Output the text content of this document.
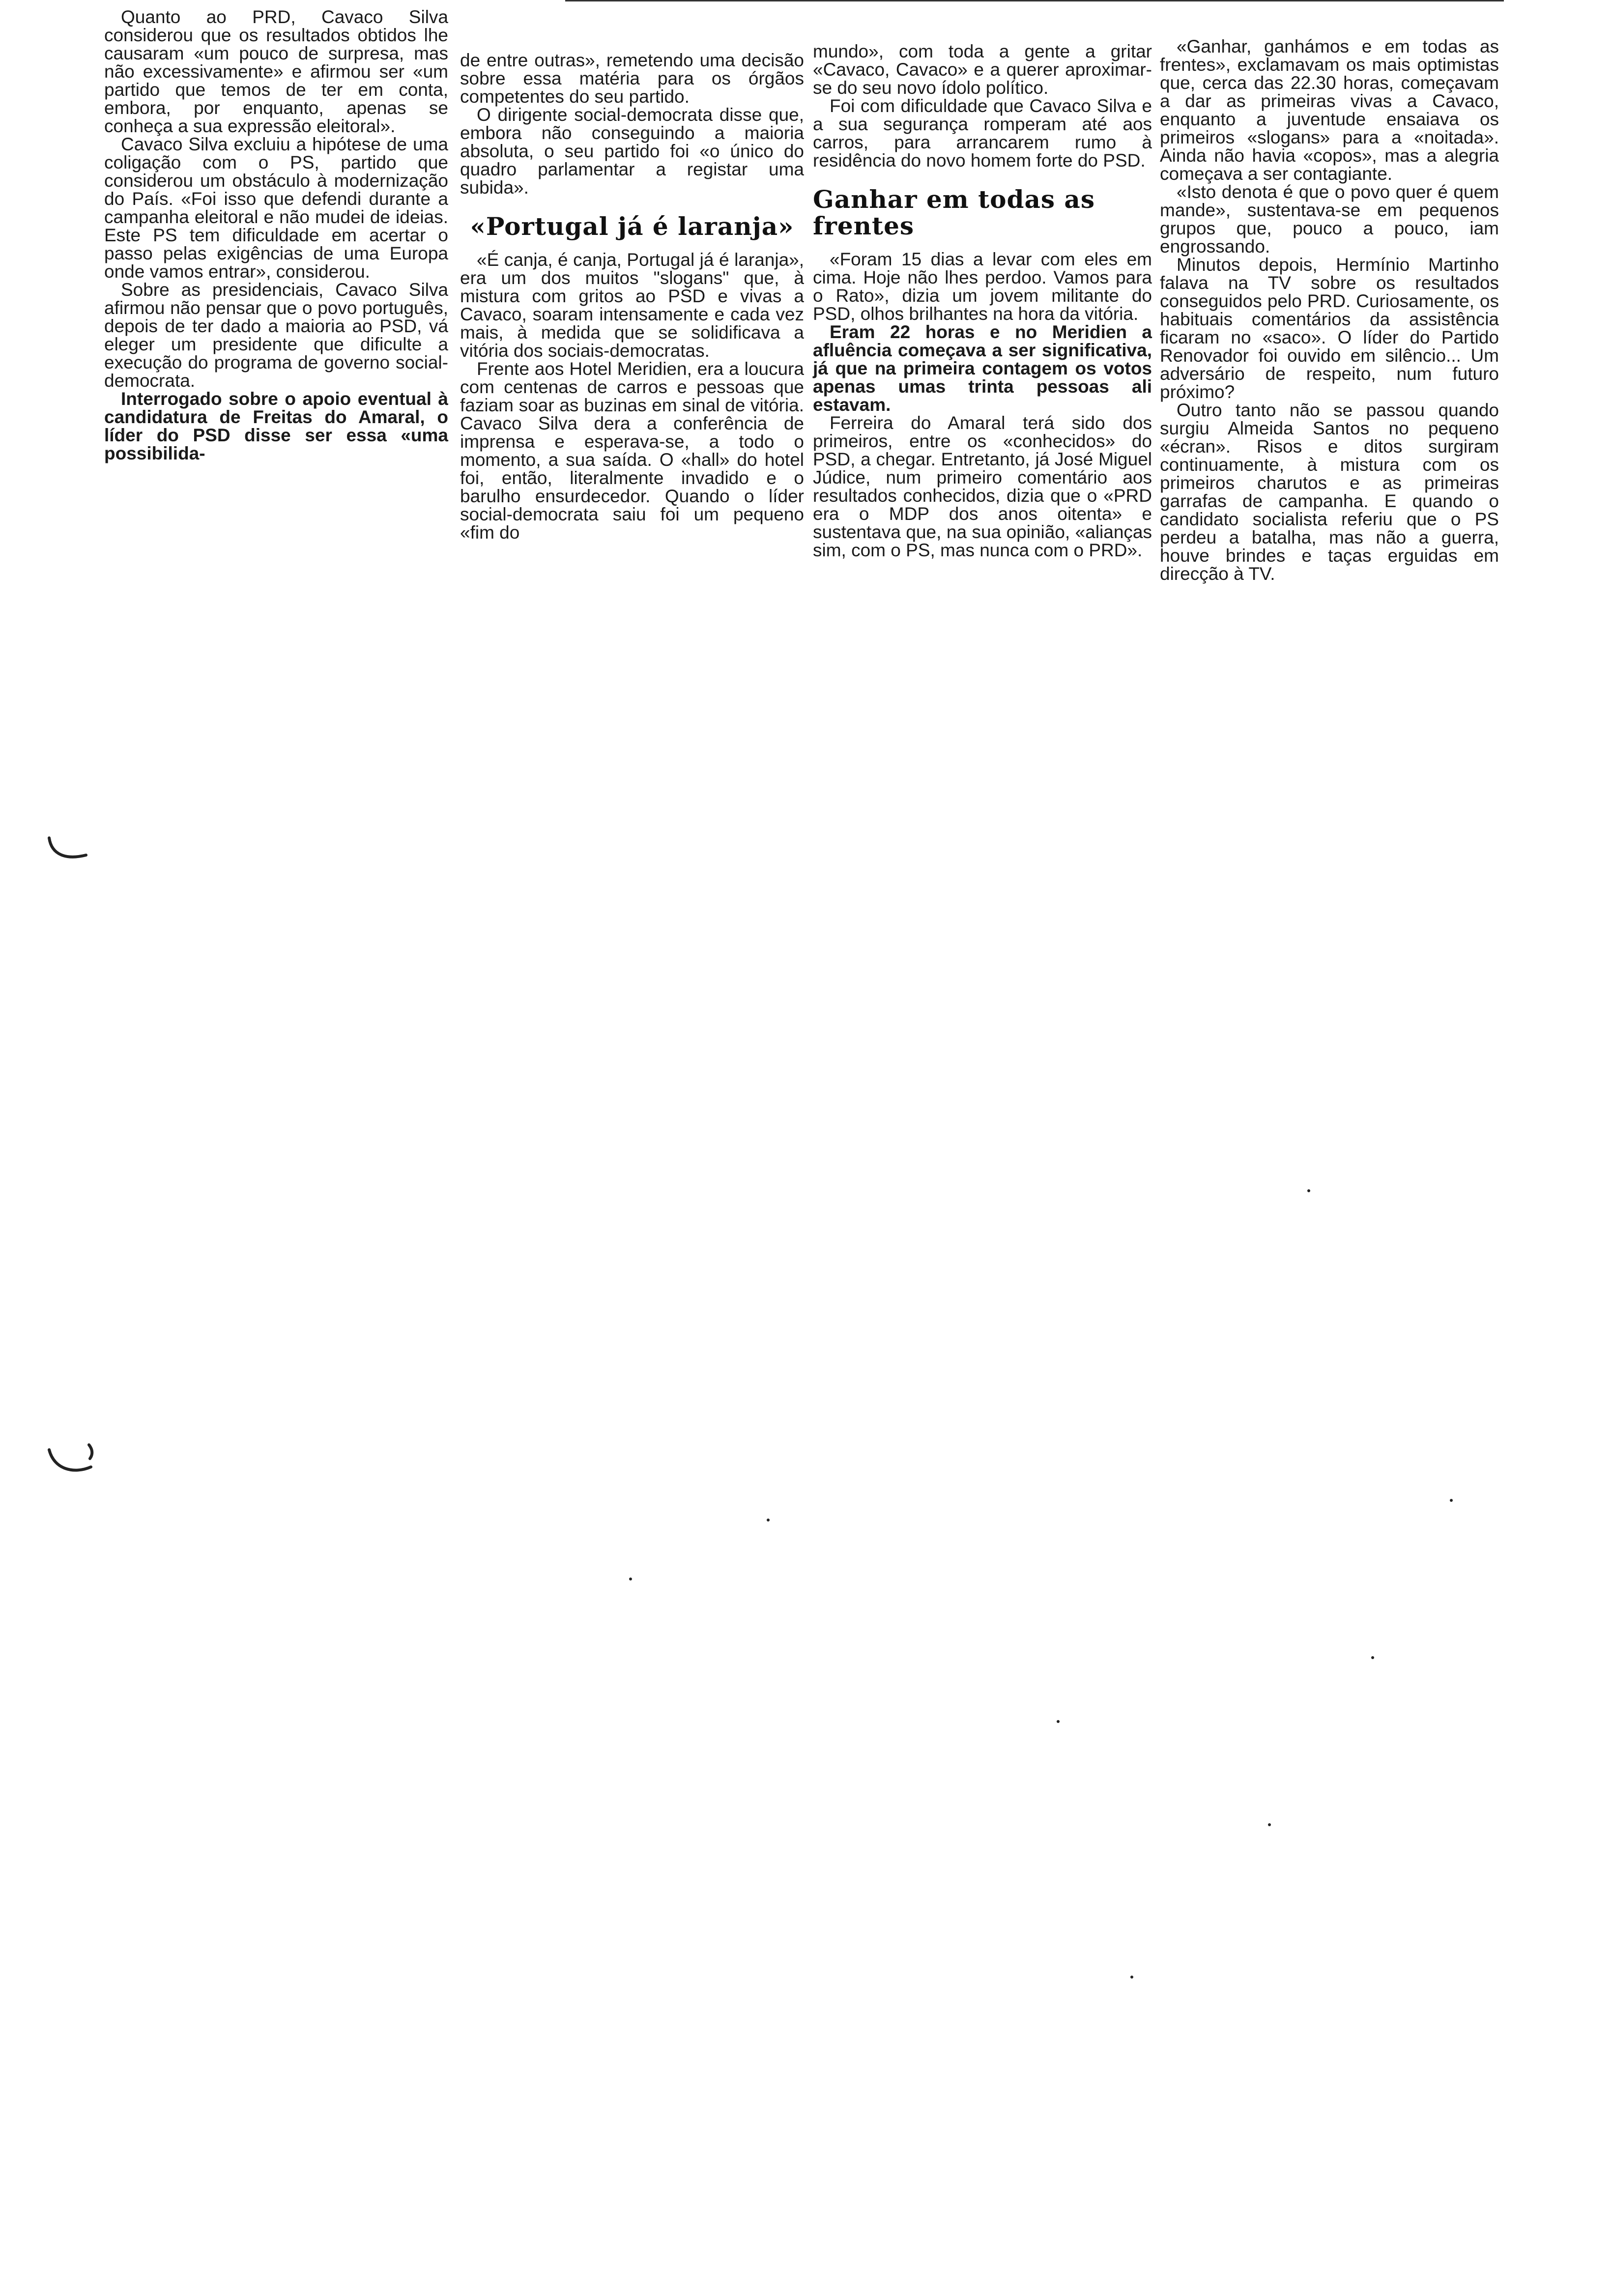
Quanto ao PRD, Cavaco Silva considerou que os resultados obtidos lhe causaram «um pouco de surpresa, mas não excessivamente» e afirmou ser «um partido que temos de ter em conta, embora, por enquanto, apenas se conheça a sua expressão eleitoral».

Cavaco Silva excluiu a hipótese de uma coligação com o PS, partido que considerou um obstáculo à modernização do País. «Foi isso que defendi durante a campanha eleitoral e não mudei de ideias. Este PS tem dificuldade em acertar o passo pelas exigências de uma Europa onde vamos entrar», considerou.

Sobre as presidenciais, Cavaco Silva afirmou não pensar que o povo português, depois de ter dado a maioria ao PSD, vá eleger um presidente que dificulte a execução do programa de governo social-democrata.

Interrogado sobre o apoio eventual à candidatura de Freitas do Amaral, o líder do PSD disse ser essa «uma possibilida-

de entre outras», remetendo uma decisão sobre essa matéria para os órgãos competentes do seu partido.

O dirigente social-democrata disse que, embora não conseguindo a maioria absoluta, o seu partido foi «o único do quadro parlamentar a registar uma subida».

«Portugal já é laranja»

«É canja, é canja, Portugal já é laranja», era um dos muitos "slogans" que, à mistura com gritos ao PSD e vivas a Cavaco, soaram intensamente e cada vez mais, à medida que se solidificava a vitória dos sociais-democratas.

Frente aos Hotel Meridien, era a loucura com centenas de carros e pessoas que faziam soar as buzinas em sinal de vitória. Cavaco Silva dera a conferência de imprensa e esperava-se, a todo o momento, a sua saída. O «hall» do hotel foi, então, literalmente invadido e o barulho ensurdecedor. Quando o líder social-democrata saiu foi um pequeno «fim do

mundo», com toda a gente a gritar «Cavaco, Cavaco» e a querer aproximar-se do seu novo ídolo político.

Foi com dificuldade que Cavaco Silva e a sua segurança romperam até aos carros, para arrancarem rumo à residência do novo homem forte do PSD.

Ganhar em todas as frentes

«Foram 15 dias a levar com eles em cima. Hoje não lhes perdoo. Vamos para o Rato», dizia um jovem militante do PSD, olhos brilhantes na hora da vitória.

Eram 22 horas e no Meridien a afluência começava a ser significativa, já que na primeira contagem os votos apenas umas trinta pessoas ali estavam.

Ferreira do Amaral terá sido dos primeiros, entre os «conhecidos» do PSD, a chegar. Entretanto, já José Miguel Júdice, num primeiro comentário aos resultados conhecidos, dizia que o «PRD era o MDP dos anos oitenta» e sustentava que, na sua opinião, «alianças sim, com o PS, mas nunca com o PRD».

«Ganhar, ganhámos e em todas as frentes», exclamavam os mais optimistas que, cerca das 22.30 horas, começavam a dar as primeiras vivas a Cavaco, enquanto a juventude ensaiava os primeiros «slogans» para a «noitada». Ainda não havia «copos», mas a alegria começava a ser contagiante.

«Isto denota é que o povo quer é quem mande», sustentava-se em pequenos grupos que, pouco a pouco, iam engrossando.

Minutos depois, Hermínio Martinho falava na TV sobre os resultados conseguidos pelo PRD. Curiosamente, os habituais comentários da assistência ficaram no «saco». O líder do Partido Renovador foi ouvido em silêncio... Um adversário de respeito, num futuro próximo?

Outro tanto não se passou quando surgiu Almeida Santos no pequeno «écran». Risos e ditos surgiram continuamente, à mistura com os primeiros charutos e as primeiras garrafas de campanha. E quando o candidato socialista referiu que o PS perdeu a batalha, mas não a guerra, houve brindes e taças erguidas em direcção à TV.
